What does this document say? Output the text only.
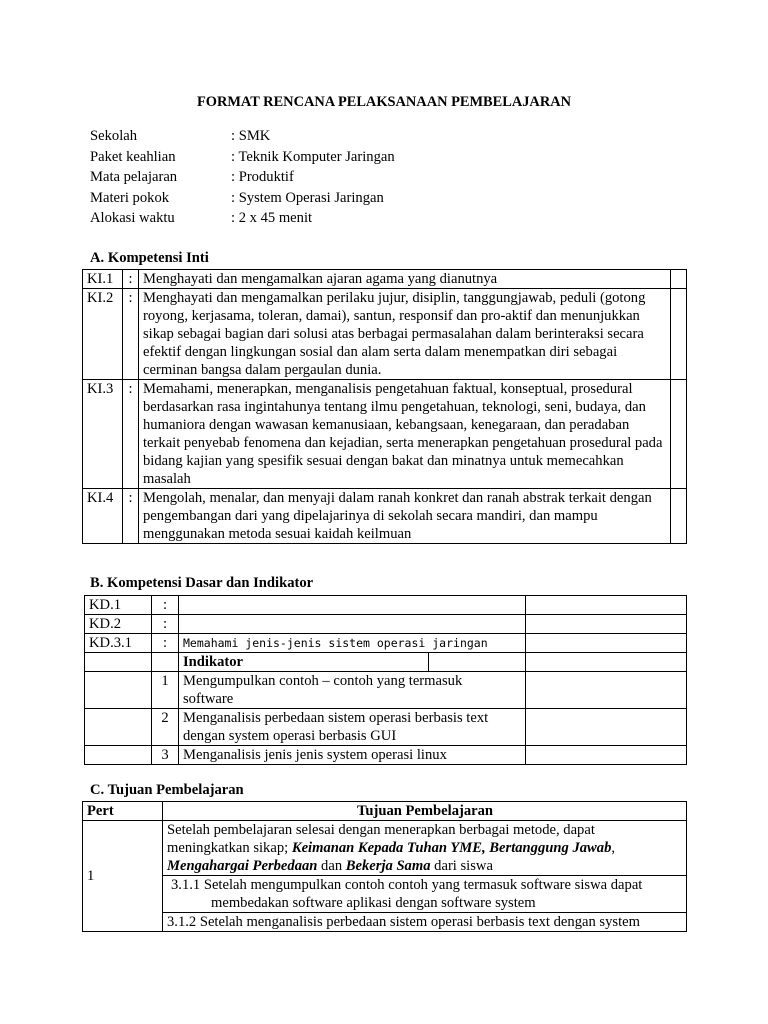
FORMAT RENCANA PELAKSANAAN PEMBELAJARAN
Sekolah	: SMK
Paket keahlian	: Teknik Komputer Jaringan
Mata pelajaran	: Produktif
Materi pokok	: System Operasi Jaringan
Alokasi waktu	: 2 x 45 menit
A. Kompetensi Inti
KI.1	:	Menghayati dan mengamalkan ajaran agama yang dianutnya	
KI.2	:	Menghayati dan mengamalkan perilaku jujur, disiplin, tanggungjawab, peduli (gotong royong, kerjasama, toleran, damai), santun, responsif dan pro-aktif dan menunjukkan sikap sebagai bagian dari solusi atas berbagai permasalahan dalam berinteraksi secara efektif dengan lingkungan sosial dan alam serta dalam menempatkan diri sebagai cerminan bangsa dalam pergaulan dunia.	
KI.3	:	Memahami, menerapkan, menganalisis pengetahuan faktual, konseptual, prosedural berdasarkan rasa ingintahunya tentang ilmu pengetahuan, teknologi, seni, budaya, dan humaniora dengan wawasan kemanusiaan, kebangsaan, kenegaraan, dan peradaban terkait penyebab fenomena dan kejadian, serta menerapkan pengetahuan prosedural pada bidang kajian yang spesifik sesuai dengan bakat dan minatnya untuk memecahkan masalah	
KI.4	:	Mengolah, menalar, dan menyaji dalam ranah konkret dan ranah abstrak terkait dengan pengembangan dari yang dipelajarinya di sekolah secara mandiri, dan mampu menggunakan metoda sesuai kaidah keilmuan	
B. Kompetensi Dasar dan Indikator
KD.1	:			
KD.2	:			
KD.3.1	:	Memahami jenis-jenis sistem operasi jaringan		
		Indikator		
	1	Mengumpulkan contoh – contoh yang termasuk software		
	2	Menganalisis perbedaan sistem operasi berbasis text dengan system operasi berbasis GUI		
	3	Menganalisis jenis jenis system operasi linux		
C. Tujuan Pembelajaran
Pert	Tujuan Pembelajaran
1	Setelah pembelajaran selesai dengan menerapkan berbagai metode, dapat meningkatkan sikap; Keimanan Kepada Tuhan YME, Bertanggung Jawab, Mengahargai Perbedaan dan Bekerja Sama dari siswa

	3.1.1 Setelah mengumpulkan contoh contoh yang termasuk software siswa dapat
membedakan software aplikasi dengan software system

	3.1.2 Setelah menganalisis perbedaan sistem operasi berbasis text dengan system
